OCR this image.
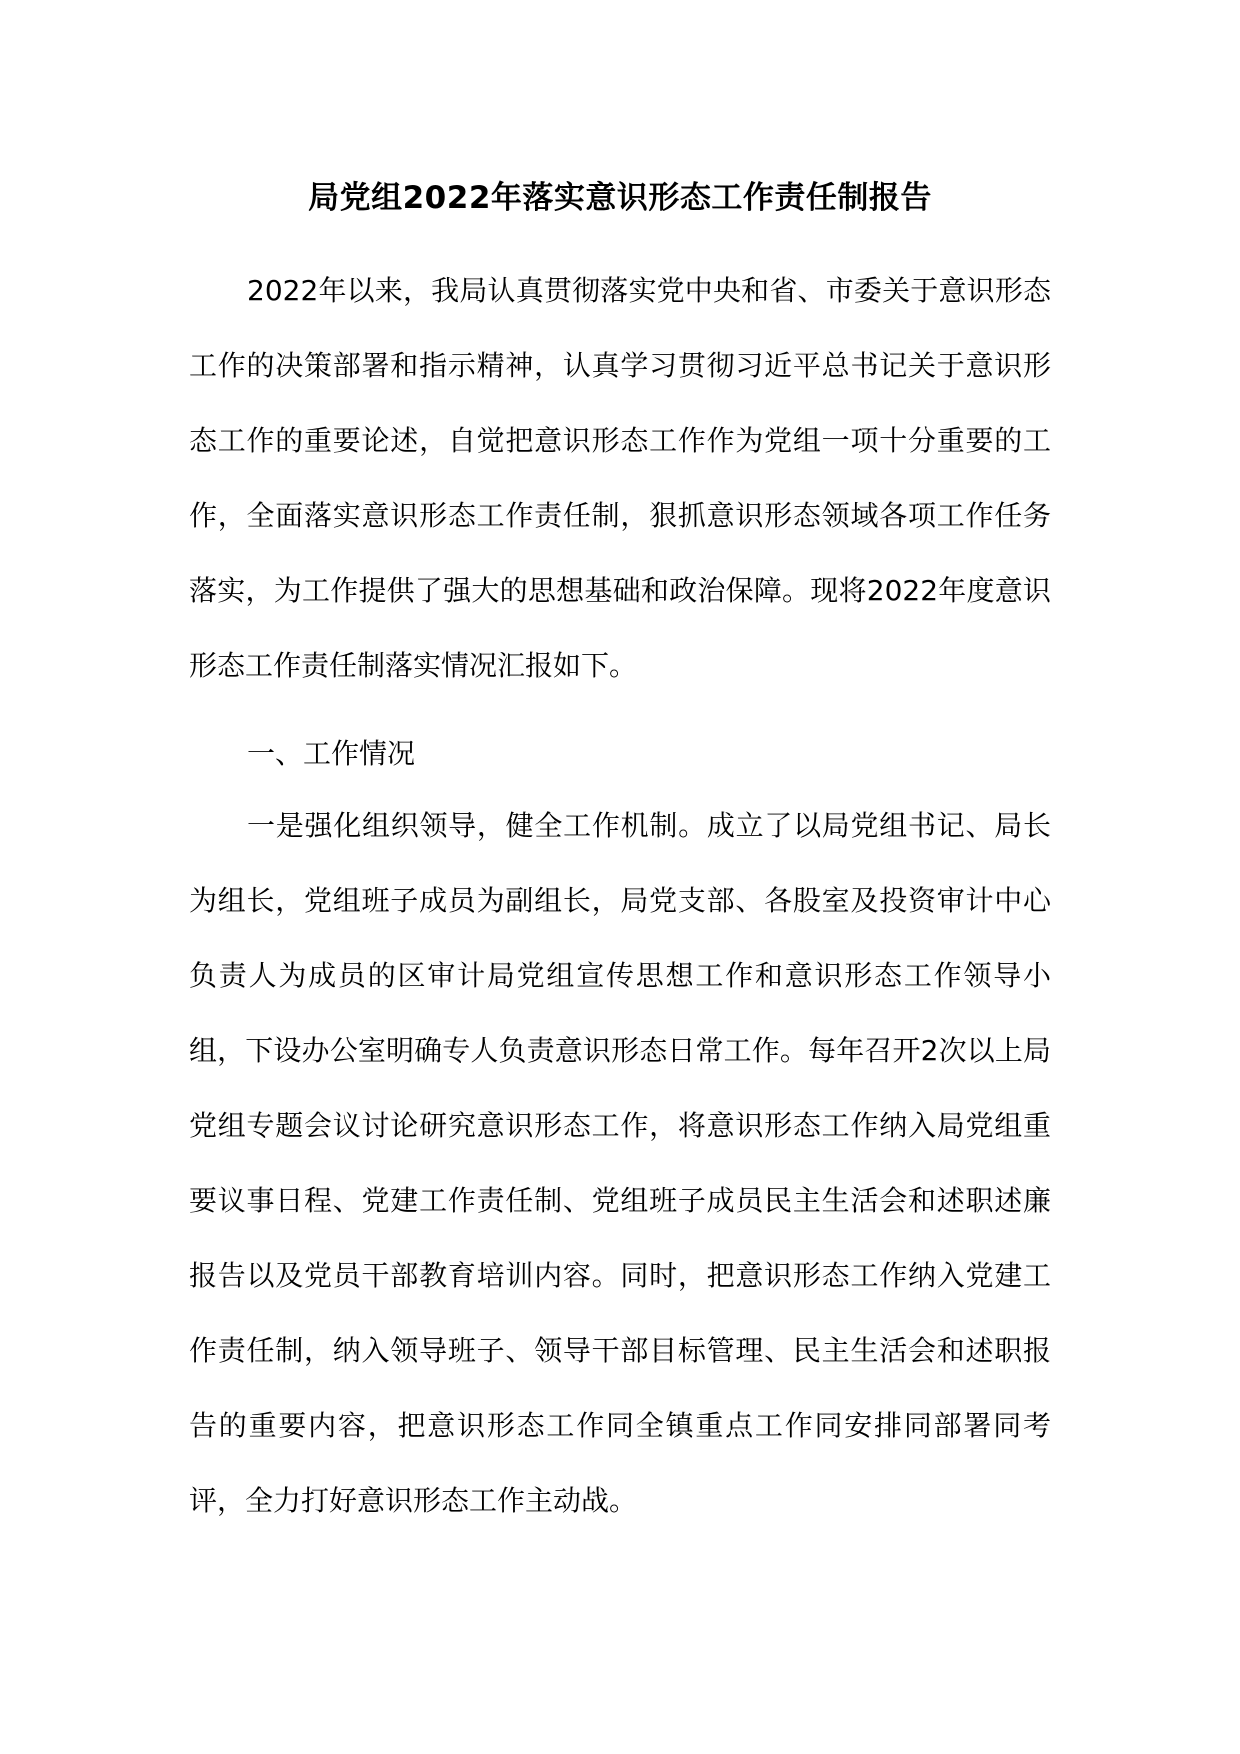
局党组2022年落实意识形态工作责任制报告

2022年以来，我局认真贯彻落实党中央和省、市委关于意识形态工作的决策部署和指示精神，认真学习贯彻习近平总书记关于意识形态工作的重要论述，自觉把意识形态工作作为党组一项十分重要的工作，全面落实意识形态工作责任制，狠抓意识形态领域各项工作任务落实，为工作提供了强大的思想基础和政治保障。现将2022年度意识形态工作责任制落实情况汇报如下。

一、工作情况

一是强化组织领导，健全工作机制。成立了以局党组书记、局长为组长，党组班子成员为副组长，局党支部、各股室及投资审计中心负责人为成员的区审计局党组宣传思想工作和意识形态工作领导小组，下设办公室明确专人负责意识形态日常工作。每年召开2次以上局党组专题会议讨论研究意识形态工作，将意识形态工作纳入局党组重要议事日程、党建工作责任制、党组班子成员民主生活会和述职述廉报告以及党员干部教育培训内容。同时，把意识形态工作纳入党建工作责任制，纳入领导班子、领导干部目标管理、民主生活会和述职报告的重要内容，把意识形态工作同全镇重点工作同安排同部署同考评，全力打好意识形态工作主动战。
